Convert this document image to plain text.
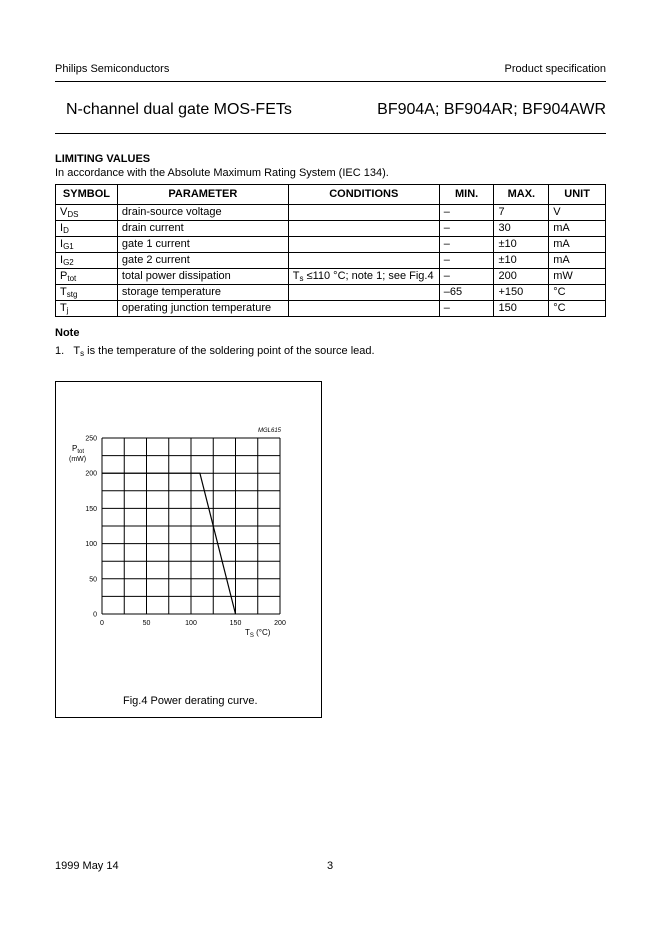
Philips Semiconductors	Product specification
N-channel dual gate MOS-FETs	BF904A; BF904AR; BF904AWR
LIMITING VALUES
In accordance with the Absolute Maximum Rating System (IEC 134).
SYMBOL	PARAMETER	CONDITIONS	MIN.	MAX.	UNIT
$V_{DS}$	drain-source voltage		–	7	V
$I_D$	drain current		–	30	mA
$I_{G1}$	gate 1 current		–	±10	mA
$I_{G2}$	gate 2 current		–	±10	mA
$P_{tot}$	total power dissipation	$T_s \le 110$ °C; note 1; see Fig.4	–	200	mW
$T_{stg}$	storage temperature		–65	+150	°C
$T_j$	operating junction temperature		–	150	°C
Note
1. $T_s$ is the temperature of the soldering point of the source lead.
0	50	100	150	200
0
50
100
150
200
250
MGL615
$P_{tot}$
(mW)
$T_S$ (°C)
Fig.4 Power derating curve.
1999 May 14	3
